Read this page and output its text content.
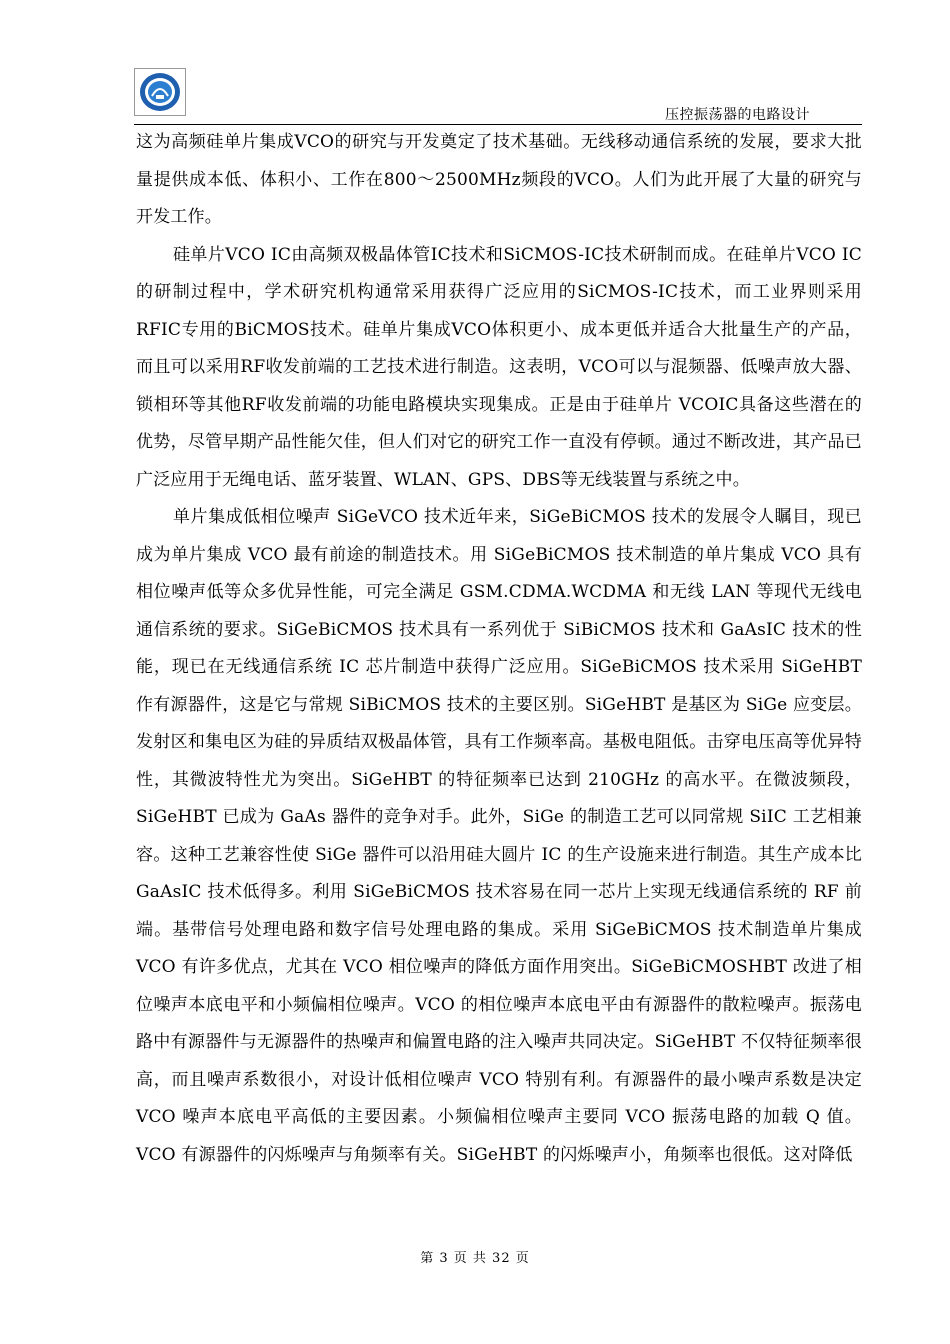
压控振荡器的电路设计

这为高频硅单片集成VCO的研究与开发奠定了技术基础。无线移动通信系统的发展，要求大批量提供成本低、体积小、工作在800～2500MHz频段的VCO。人们为此开展了大量的研究与开发工作。

硅单片VCO IC由高频双极晶体管IC技术和SiCMOS-IC技术研制而成。在硅单片VCO IC的研制过程中，学术研究机构通常采用获得广泛应用的SiCMOS-IC技术，而工业界则采用RFIC专用的BiCMOS技术。硅单片集成VCO体积更小、成本更低并适合大批量生产的产品，而且可以采用RF收发前端的工艺技术进行制造。这表明，VCO可以与混频器、低噪声放大器、锁相环等其他RF收发前端的功能电路模块实现集成。正是由于硅单片 VCOIC具备这些潜在的优势，尽管早期产品性能欠佳，但人们对它的研究工作一直没有停顿。通过不断改进，其产品已广泛应用于无绳电话、蓝牙装置、WLAN、GPS、DBS等无线装置与系统之中。

单片集成低相位噪声 SiGeVCO 技术近年来，SiGeBiCMOS 技术的发展令人瞩目，现已成为单片集成 VCO 最有前途的制造技术。用 SiGeBiCMOS 技术制造的单片集成 VCO 具有相位噪声低等众多优异性能，可完全满足 GSM.CDMA.WCDMA 和无线 LAN 等现代无线电通信系统的要求。SiGeBiCMOS 技术具有一系列优于 SiBiCMOS 技术和 GaAsIC 技术的性能，现已在无线通信系统 IC 芯片制造中获得广泛应用。SiGeBiCMOS 技术采用 SiGeHBT 作有源器件，这是它与常规 SiBiCMOS 技术的主要区别。SiGeHBT 是基区为 SiGe 应变层。发射区和集电区为硅的异质结双极晶体管，具有工作频率高。基极电阻低。击穿电压高等优异特性，其微波特性尤为突出。SiGeHBT 的特征频率已达到 210GHz 的高水平。在微波频段，SiGeHBT 已成为 GaAs 器件的竞争对手。此外，SiGe 的制造工艺可以同常规 SiIC 工艺相兼容。这种工艺兼容性使 SiGe 器件可以沿用硅大圆片 IC 的生产设施来进行制造。其生产成本比 GaAsIC 技术低得多。利用 SiGeBiCMOS 技术容易在同一芯片上实现无线通信系统的 RF 前端。基带信号处理电路和数字信号处理电路的集成。采用 SiGeBiCMOS 技术制造单片集成 VCO 有许多优点，尤其在 VCO 相位噪声的降低方面作用突出。SiGeBiCMOSHBT 改进了相位噪声本底电平和小频偏相位噪声。VCO 的相位噪声本底电平由有源器件的散粒噪声。振荡电路中有源器件与无源器件的热噪声和偏置电路的注入噪声共同决定。SiGeHBT 不仅特征频率很高，而且噪声系数很小，对设计低相位噪声 VCO 特别有利。有源器件的最小噪声系数是决定 VCO 噪声本底电平高低的主要因素。小频偏相位噪声主要同 VCO 振荡电路的加载 Q 值。VCO 有源器件的闪烁噪声与角频率有关。SiGeHBT 的闪烁噪声小，角频率也很低。这对降低

第 3 页 共 32 页
